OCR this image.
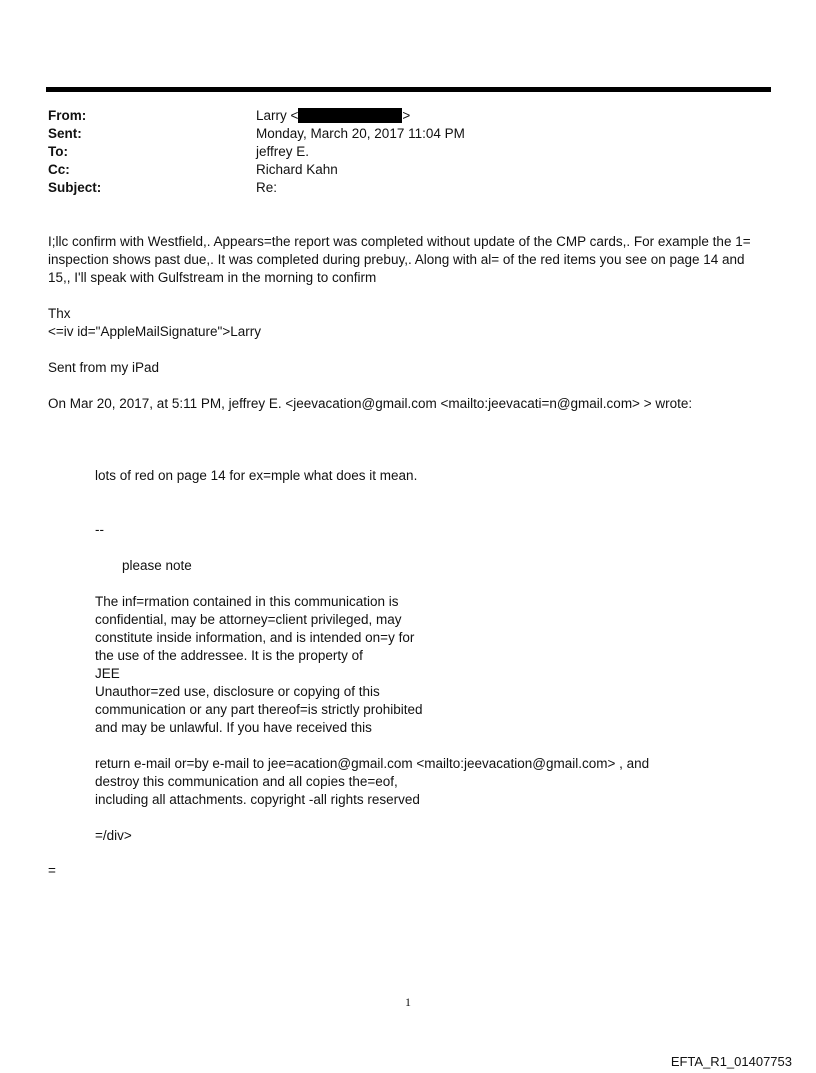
From:	Larry <	>
Sent:	Monday, March 20, 2017 11:04 PM
To:	jeffrey E.
Cc:	Richard Kahn
Subject:	Re:
I;llc confirm with Westfield,. Appears=the report was completed without update of the CMP cards,. For example the 1= inspection shows past due,. It was completed during prebuy,. Along with al= of the red items you see on page 14 and 15,, I'll speak with Gulfstream in the morning to confirm
Thx
<=iv id="AppleMailSignature">Larry
Sent from my iPad
On Mar 20, 2017, at 5:11 PM, jeffrey E. <jeevacation@gmail.com <mailto:jeevacati=n@gmail.com> > wrote:
lots of red on page 14 for ex=mple what does it mean.
--
please note
The inf=rmation contained in this communication is
confidential, may be attorney=client privileged, may
constitute inside information, and is intended on=y for
the use of the addressee. It is the property of
JEE
Unauthor=zed use, disclosure or copying of this
communication or any part thereof=is strictly prohibited
and may be unlawful. If you have received this
return e-mail or=by e-mail to jee=acation@gmail.com <mailto:jeevacation@gmail.com> , and
destroy this communication and all copies the=eof,
including all attachments. copyright -all rights reserved
=/div>
=
1
EFTA_R1_01407753
